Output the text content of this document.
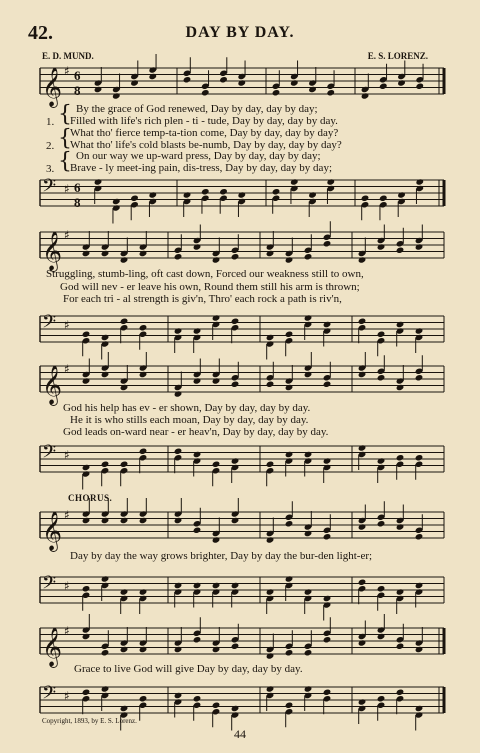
42.	DAY BY DAY.
E. D. MUND.	E. S. LORENZ.
𝄞 ♯ 6
8
𝄢 ♯ 6
8
1.
2.
3.
{
{
{
By the grace of God renewed, Day by day, day by day;
Filled with life's rich plen - ti - tude, Day by day, day by day.
What tho' fierce temp-ta-tion come, Day by day, day by day?
What tho' life's cold blasts be-numb, Day by day, day by day?
On our way we up-ward press, Day by day, day by day;
Brave - ly meet-ing pain, dis-tress, Day by day, day by day;
𝄞 ♯
𝄢 ♯
Struggling, stumb-ling, oft cast down, Forced our weakness still to own,
God will nev - er leave his own, Round them still his arm is thrown;
For each tri - al strength is giv'n, Thro' each rock a path is riv'n,
𝄞 ♯
𝄢 ♯
God his help has ev - er shown, Day by day, day by day.
He it is who stills each moan, Day by day, day by day.
God leads on-ward near - er heav'n, Day by day, day by day.
CHORUS.
𝄞 ♯
𝄢 ♯
Day by day the way grows brighter, Day by day the bur-den light-er;
𝄞 ♯
𝄢 ♯
Grace to live God will give Day by day, day by day.
Copyright, 1893, by E. S. Lorenz.
44
